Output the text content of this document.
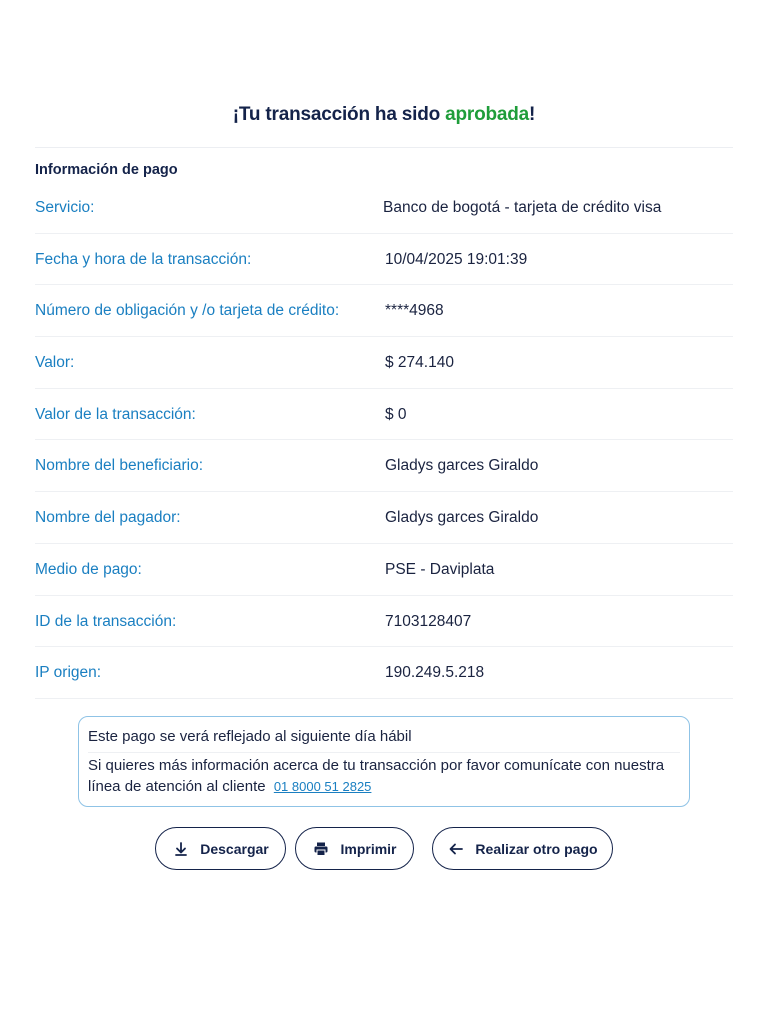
¡Tu transacción ha sido aprobada!
Información de pago
Servicio:	Banco de bogotá - tarjeta de crédito visa
Fecha y hora de la transacción:	10/04/2025 19:01:39
Número de obligación y /o tarjeta de crédito:	****4968
Valor:	$ 274.140
Valor de la transacción:	$ 0
Nombre del beneficiario:	Gladys garces Giraldo
Nombre del pagador:	Gladys garces Giraldo
Medio de pago:	PSE - Daviplata
ID de la transacción:	7103128407
IP origen:	190.249.5.218
Este pago se verá reflejado al siguiente día hábil
Si quieres más información acerca de tu transacción por favor comunícate con nuestra línea de atención al cliente 01 8000 51 2825
Descargar	Imprimir	Realizar otro pago
